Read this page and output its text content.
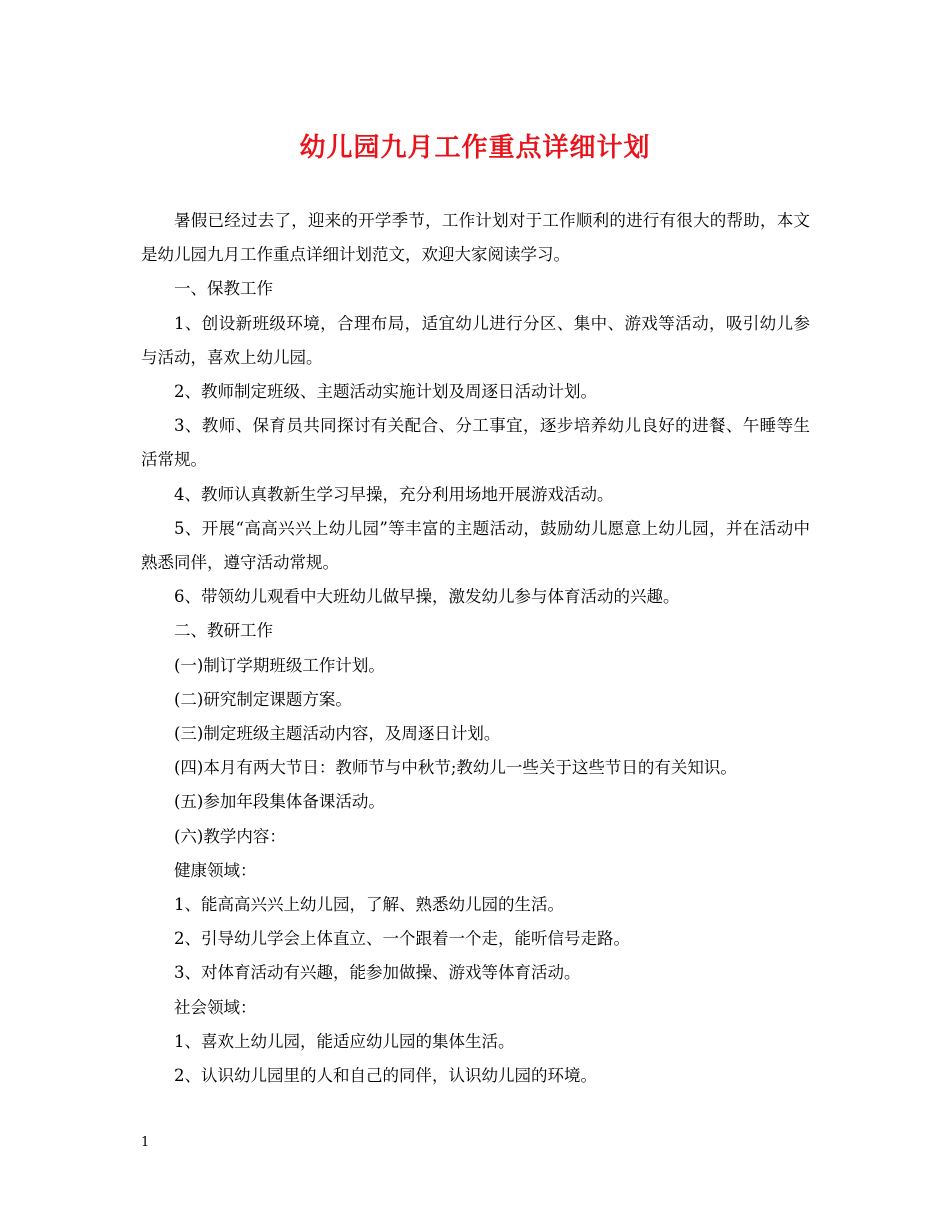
幼儿园九月工作重点详细计划

暑假已经过去了，迎来的开学季节，工作计划对于工作顺利的进行有很大的帮助，本文是幼儿园九月工作重点详细计划范文，欢迎大家阅读学习。

一、保教工作

1、创设新班级环境，合理布局，适宜幼儿进行分区、集中、游戏等活动，吸引幼儿参与活动，喜欢上幼儿园。

2、教师制定班级、主题活动实施计划及周逐日活动计划。

3、教师、保育员共同探讨有关配合、分工事宜，逐步培养幼儿良好的进餐、午睡等生活常规。

4、教师认真教新生学习早操，充分利用场地开展游戏活动。

5、开展“高高兴兴上幼儿园”等丰富的主题活动，鼓励幼儿愿意上幼儿园，并在活动中熟悉同伴，遵守活动常规。

6、带领幼儿观看中大班幼儿做早操，激发幼儿参与体育活动的兴趣。

二、教研工作

(一)制订学期班级工作计划。

(二)研究制定课题方案。

(三)制定班级主题活动内容，及周逐日计划。

(四)本月有两大节日：教师节与中秋节;教幼儿一些关于这些节日的有关知识。

(五)参加年段集体备课活动。

(六)教学内容：

健康领域：

1、能高高兴兴上幼儿园，了解、熟悉幼儿园的生活。

2、引导幼儿学会上体直立、一个跟着一个走，能听信号走路。

3、对体育活动有兴趣，能参加做操、游戏等体育活动。

社会领域：

1、喜欢上幼儿园，能适应幼儿园的集体生活。

2、认识幼儿园里的人和自己的同伴，认识幼儿园的环境。

1
